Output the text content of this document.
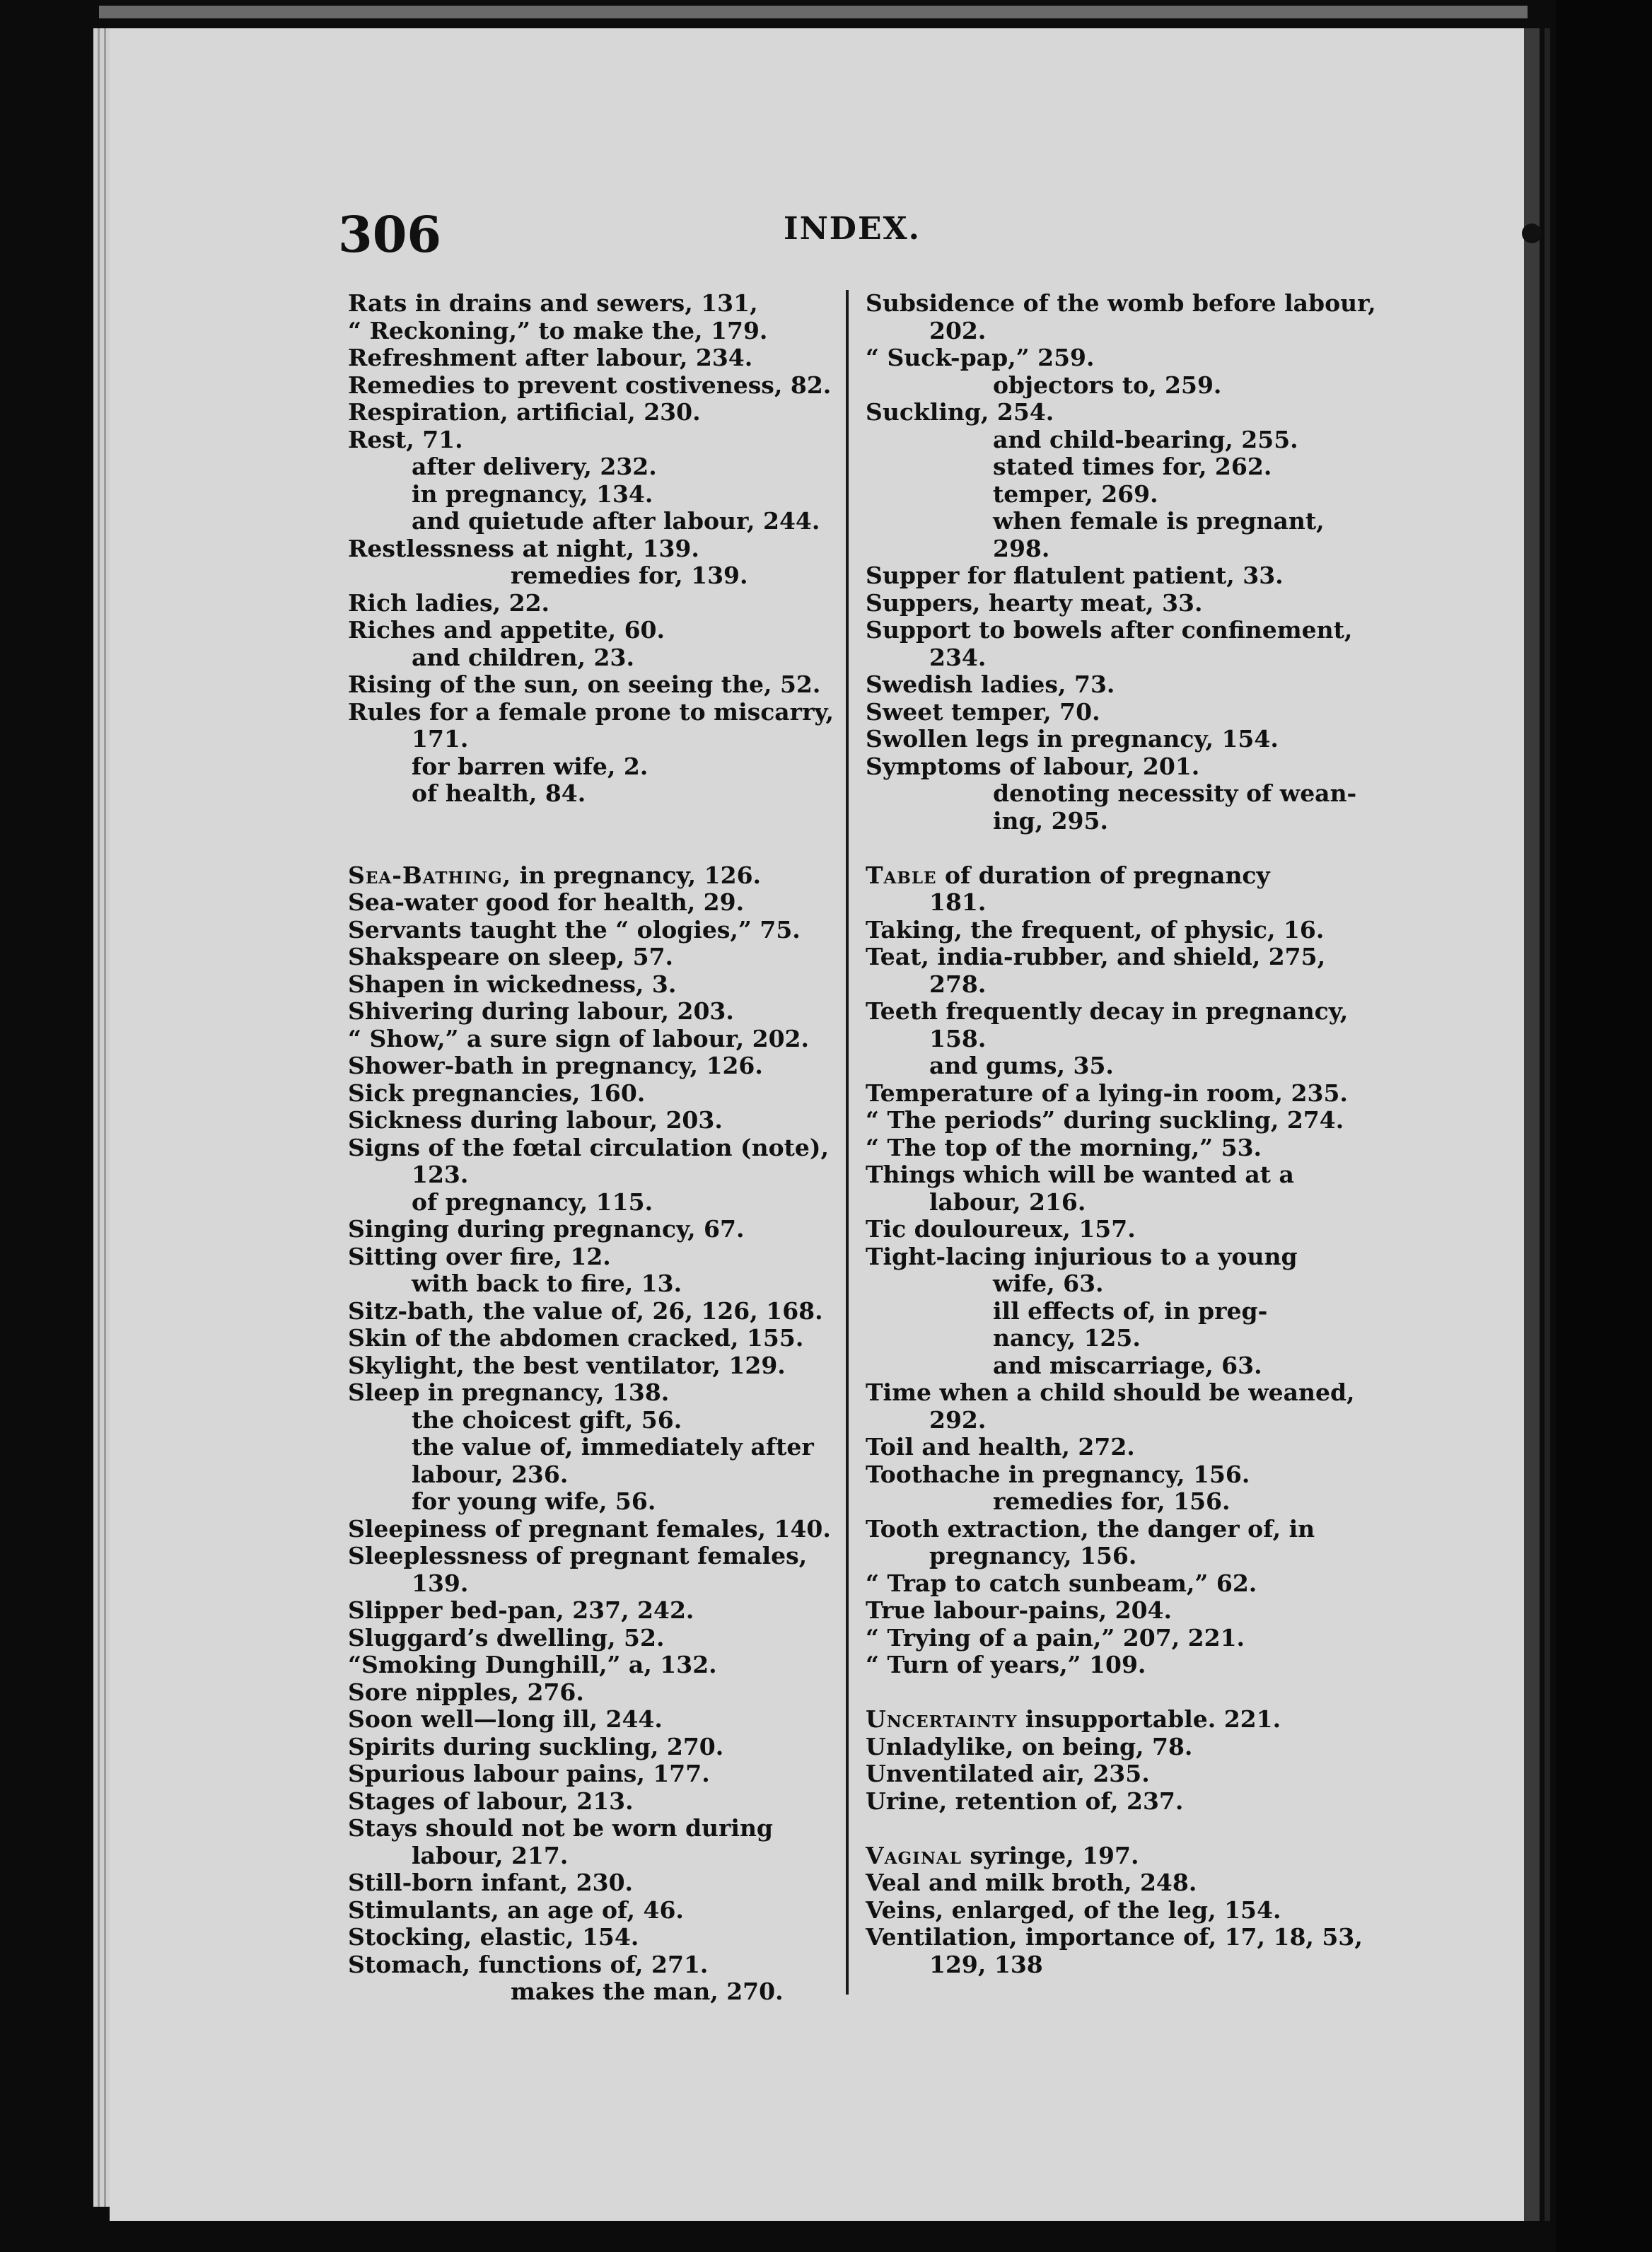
306	INDEX.
Rats in drains and sewers, 131,
“ Reckoning,” to make the, 179.
Refreshment after labour, 234.
Remedies to prevent costiveness, 82.
Respiration, artificial, 230.
Rest, 71.
after delivery, 232.
in pregnancy, 134.
and quietude after labour, 244.
Restlessness at night, 139.
remedies for, 139.
Rich ladies, 22.
Riches and appetite, 60.
and children, 23.
Rising of the sun, on seeing the, 52.
Rules for a female prone to miscarry,
171.
for barren wife, 2.
of health, 84.
Sea-Bathing, in pregnancy, 126.
Sea-water good for health, 29.
Servants taught the “ ologies,” 75.
Shakspeare on sleep, 57.
Shapen in wickedness, 3.
Shivering during labour, 203.
“ Show,” a sure sign of labour, 202.
Shower-bath in pregnancy, 126.
Sick pregnancies, 160.
Sickness during labour, 203.
Signs of the fœtal circulation (note),
123.
of pregnancy, 115.
Singing during pregnancy, 67.
Sitting over fire, 12.
with back to fire, 13.
Sitz-bath, the value of, 26, 126, 168.
Skin of the abdomen cracked, 155.
Skylight, the best ventilator, 129.
Sleep in pregnancy, 138.
the choicest gift, 56.
the value of, immediately after
labour, 236.
for young wife, 56.
Sleepiness of pregnant females, 140.
Sleeplessness of pregnant females,
139.
Slipper bed-pan, 237, 242.
Sluggard’s dwelling, 52.
“Smoking Dunghill,” a, 132.
Sore nipples, 276.
Soon well—long ill, 244.
Spirits during suckling, 270.
Spurious labour pains, 177.
Stages of labour, 213.
Stays should not be worn during
labour, 217.
Still-born infant, 230.
Stimulants, an age of, 46.
Stocking, elastic, 154.
Stomach, functions of, 271.
makes the man, 270.
Subsidence of the womb before labour,
202.
“ Suck-pap,” 259.
objectors to, 259.
Suckling, 254.
and child-bearing, 255.
stated times for, 262.
temper, 269.
when female is pregnant,
298.
Supper for flatulent patient, 33.
Suppers, hearty meat, 33.
Support to bowels after confinement,
234.
Swedish ladies, 73.
Sweet temper, 70.
Swollen legs in pregnancy, 154.
Symptoms of labour, 201.
denoting necessity of wean-
ing, 295.
Table of duration of pregnancy
181.
Taking, the frequent, of physic, 16.
Teat, india-rubber, and shield, 275,
278.
Teeth frequently decay in pregnancy,
158.
and gums, 35.
Temperature of a lying-in room, 235.
“ The periods” during suckling, 274.
“ The top of the morning,” 53.
Things which will be wanted at a
labour, 216.
Tic douloureux, 157.
Tight-lacing injurious to a young
wife, 63.
ill effects of, in preg-
nancy, 125.
and miscarriage, 63.
Time when a child should be weaned,
292.
Toil and health, 272.
Toothache in pregnancy, 156.
remedies for, 156.
Tooth extraction, the danger of, in
pregnancy, 156.
“ Trap to catch sunbeam,” 62.
True labour-pains, 204.
“ Trying of a pain,” 207, 221.
“ Turn of years,” 109.
Uncertainty insupportable. 221.
Unladylike, on being, 78.
Unventilated air, 235.
Urine, retention of, 237.
Vaginal syringe, 197.
Veal and milk broth, 248.
Veins, enlarged, of the leg, 154.
Ventilation, importance of, 17, 18, 53,
129, 138
